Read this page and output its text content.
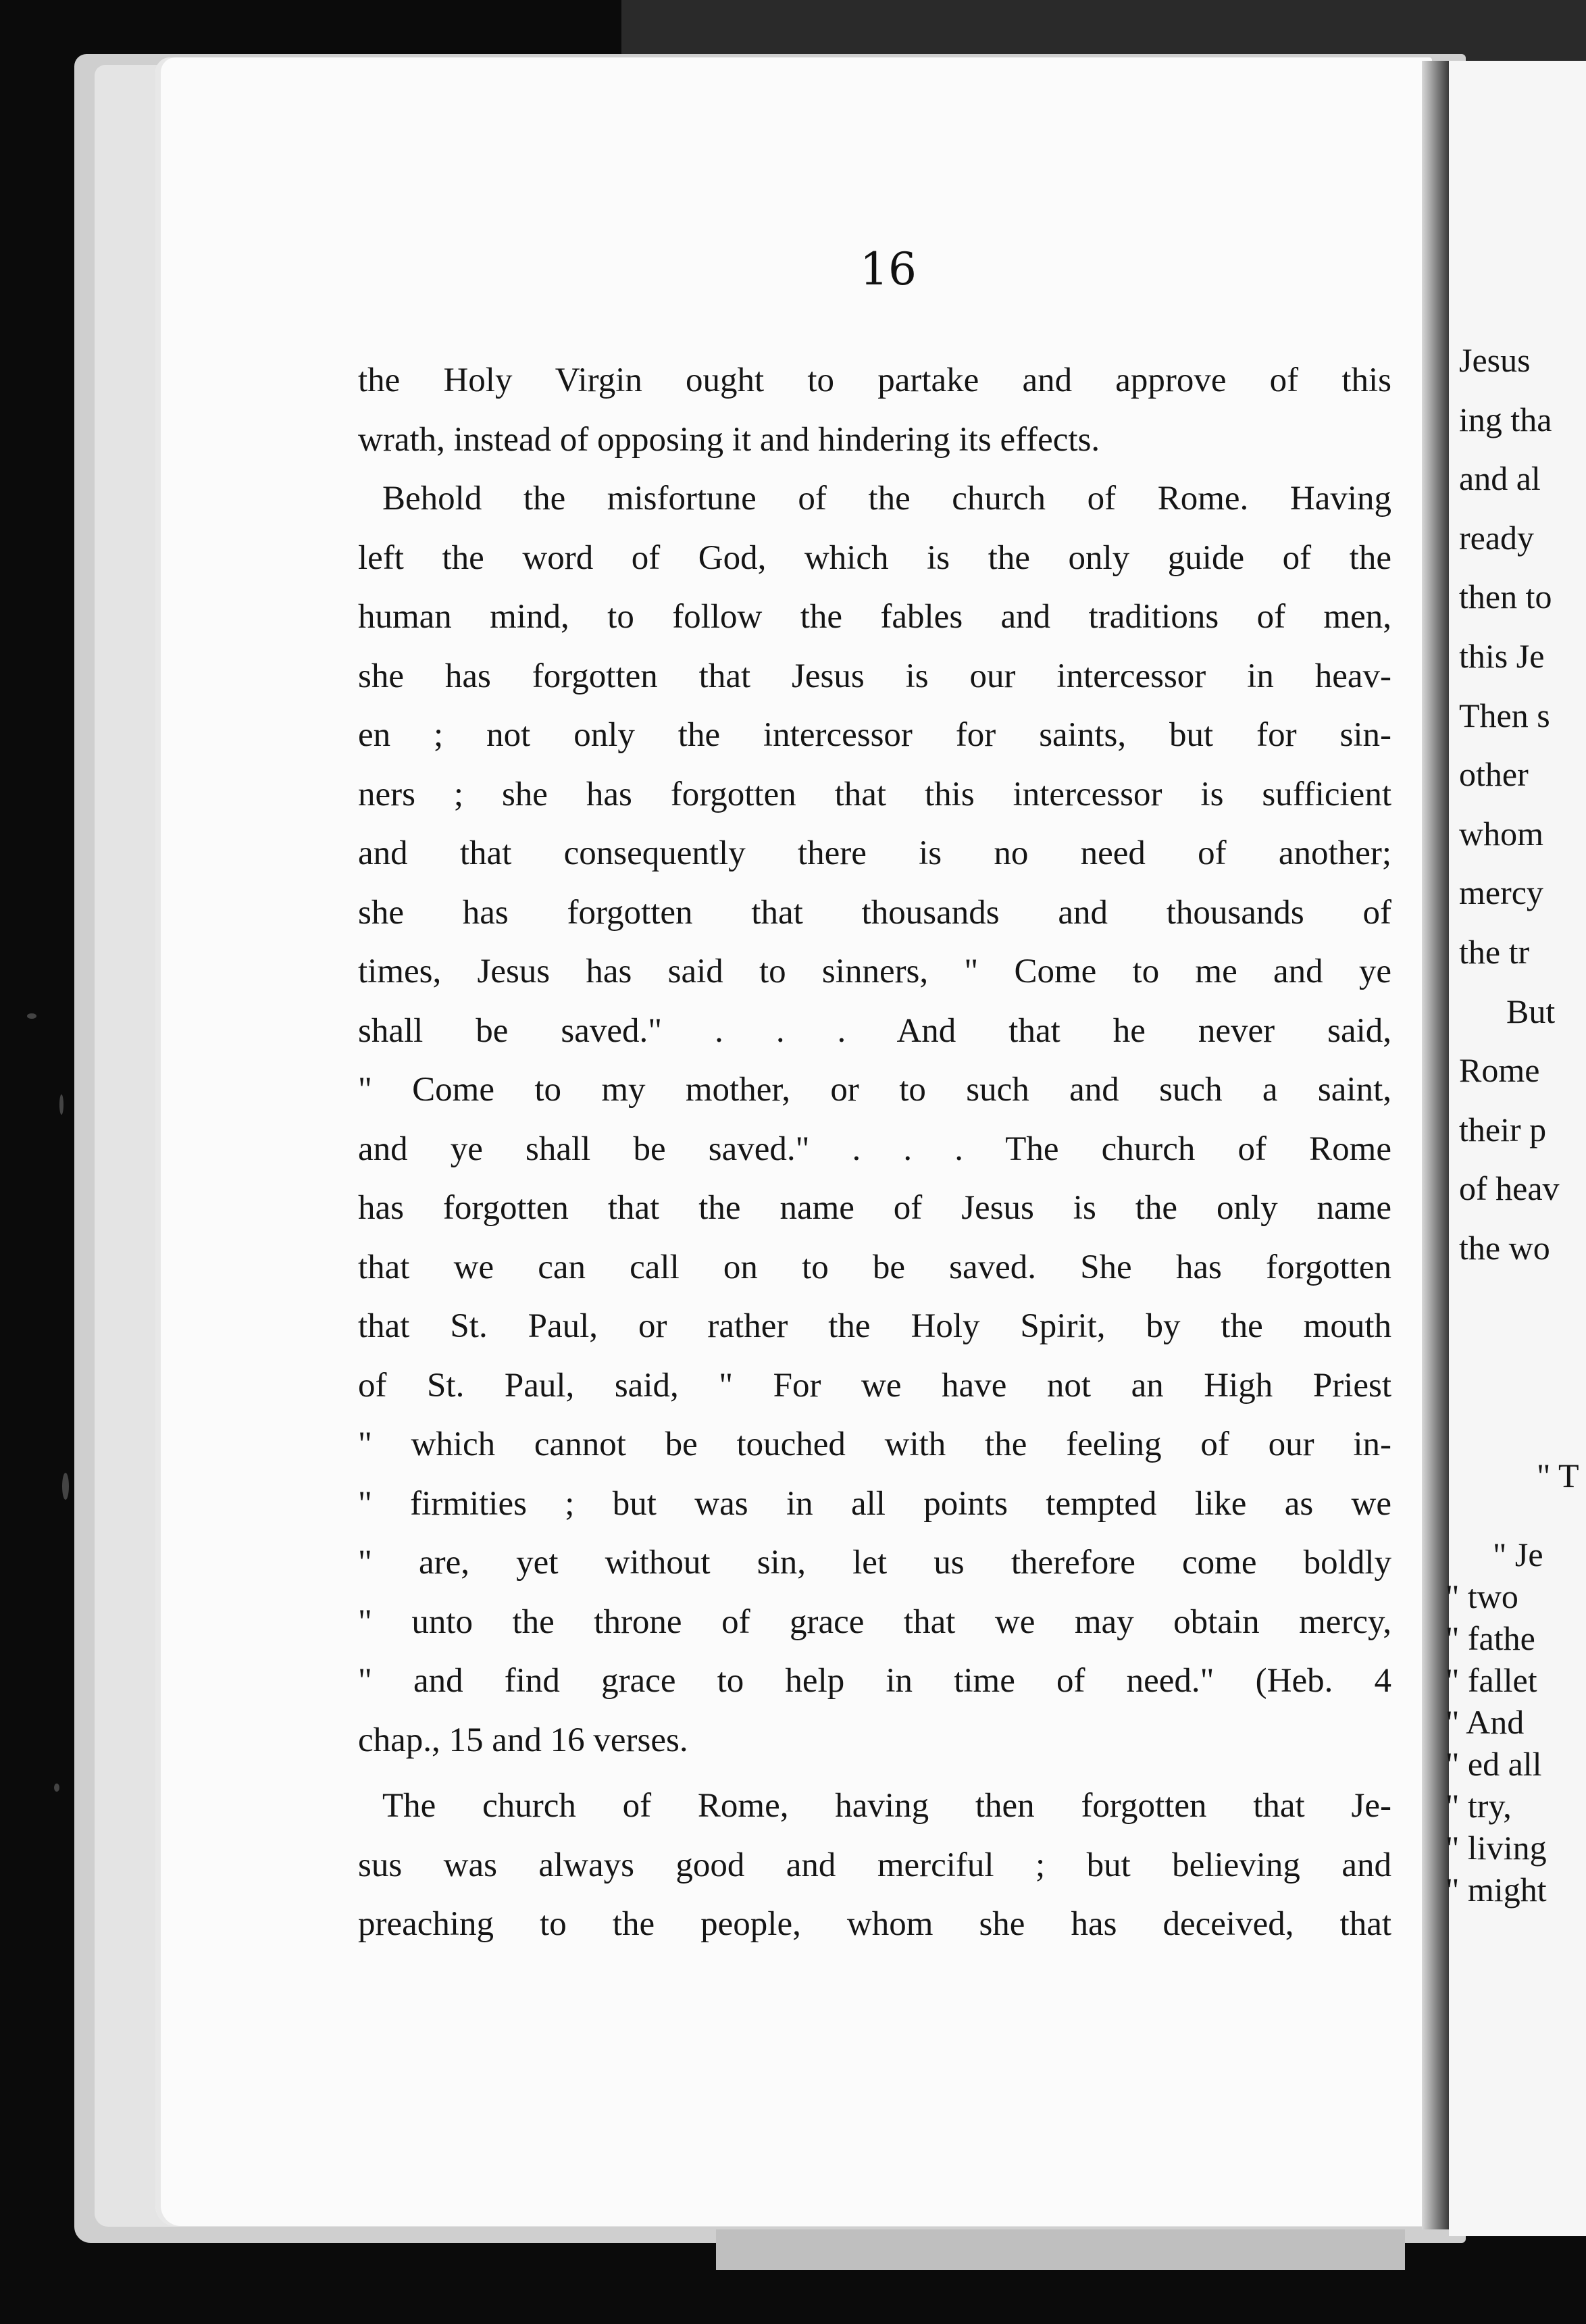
16
the Holy Virgin ought to partake and approve of this
wrath, instead of opposing it and hindering its effects.
Behold the misfortune of the church of Rome. Having
left the word of God, which is the only guide of the
human mind, to follow the fables and traditions of men,
she has forgotten that Jesus is our intercessor in heav-
en ; not only the intercessor for saints, but for sin-
ners ; she has forgotten that this intercessor is sufficient
and that consequently there is no need of another;
she has forgotten that thousands and thousands of
times, Jesus has said to sinners, " Come to me and ye
shall be saved." . . . And that he never said,
" Come to my mother, or to such and such a saint,
and ye shall be saved." . . . The church of Rome
has forgotten that the name of Jesus is the only name
that we can call on to be saved. She has forgotten
that St. Paul, or rather the Holy Spirit, by the mouth
of St. Paul, said, " For we have not an High Priest
" which cannot be touched with the feeling of our in-
" firmities ; but was in all points tempted like as we
" are, yet without sin, let us therefore come boldly
" unto the throne of grace that we may obtain mercy,
" and find grace to help in time of need." (Heb. 4
chap., 15 and 16 verses.
The church of Rome, having then forgotten that Je-
sus was always good and merciful ; but believing and
preaching to the people, whom she has deceived, that
Jesus
ing tha
and al
ready
then to
this Je
Then s
other
whom
mercy
the tr
But
Rome
their p
of heav
the wo
" T
" Je
" two
" fathe
" fallet
" And
" ed all
" try,
" living
" might
